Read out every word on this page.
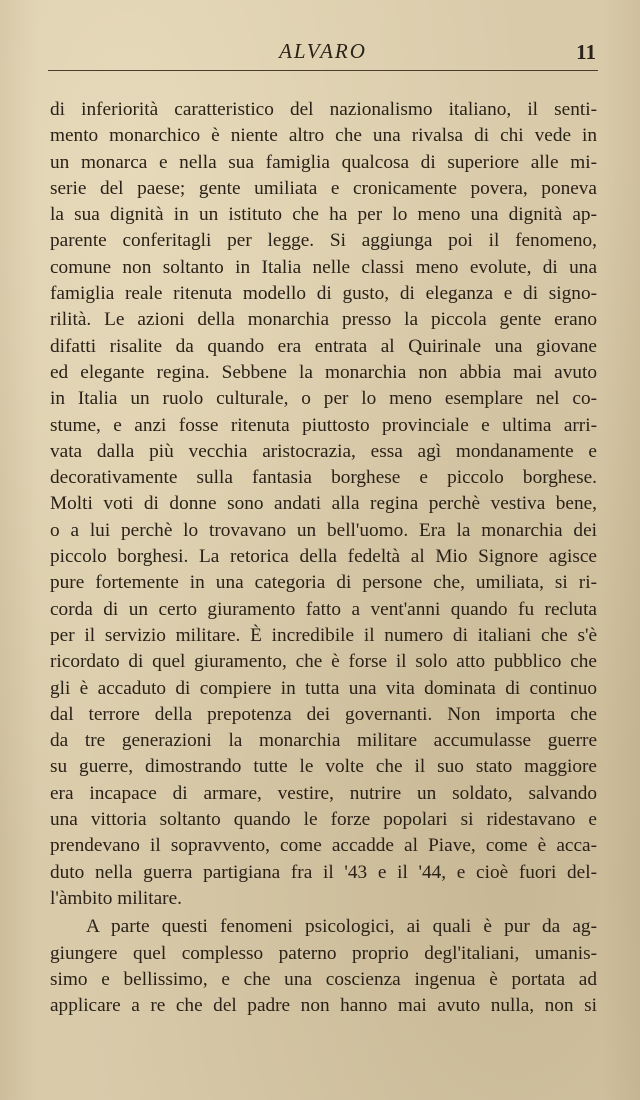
ALVARO	11
di inferiorità caratteristico del nazionalismo italiano, il senti-
mento monarchico è niente altro che una rivalsa di chi vede in
un monarca e nella sua famiglia qualcosa di superiore alle mi-
serie del paese; gente umiliata e cronicamente povera, poneva
la sua dignità in un istituto che ha per lo meno una dignità ap-
parente conferitagli per legge. Si aggiunga poi il fenomeno,
comune non soltanto in Italia nelle classi meno evolute, di una
famiglia reale ritenuta modello di gusto, di eleganza e di signo-
rilità. Le azioni della monarchia presso la piccola gente erano
difatti risalite da quando era entrata al Quirinale una giovane
ed elegante regina. Sebbene la monarchia non abbia mai avuto
in Italia un ruolo culturale, o per lo meno esemplare nel co-
stume, e anzi fosse ritenuta piuttosto provinciale e ultima arri-
vata dalla più vecchia aristocrazia, essa agì mondanamente e
decorativamente sulla fantasia borghese e piccolo borghese.
Molti voti di donne sono andati alla regina perchè vestiva bene,
o a lui perchè lo trovavano un bell'uomo. Era la monarchia dei
piccolo borghesi. La retorica della fedeltà al Mio Signore agisce
pure fortemente in una categoria di persone che, umiliata, si ri-
corda di un certo giuramento fatto a vent'anni quando fu recluta
per il servizio militare. È incredibile il numero di italiani che s'è
ricordato di quel giuramento, che è forse il solo atto pubblico che
gli è accaduto di compiere in tutta una vita dominata di continuo
dal terrore della prepotenza dei governanti. Non importa che
da tre generazioni la monarchia militare accumulasse guerre
su guerre, dimostrando tutte le volte che il suo stato maggiore
era incapace di armare, vestire, nutrire un soldato, salvando
una vittoria soltanto quando le forze popolari si ridestavano e
prendevano il sopravvento, come accadde al Piave, come è acca-
duto nella guerra partigiana fra il '43 e il '44, e cioè fuori del-
l'àmbito militare.
A parte questi fenomeni psicologici, ai quali è pur da ag-
giungere quel complesso paterno proprio degl'italiani, umanis-
simo e bellissimo, e che una coscienza ingenua è portata ad
applicare a re che del padre non hanno mai avuto nulla, non si
